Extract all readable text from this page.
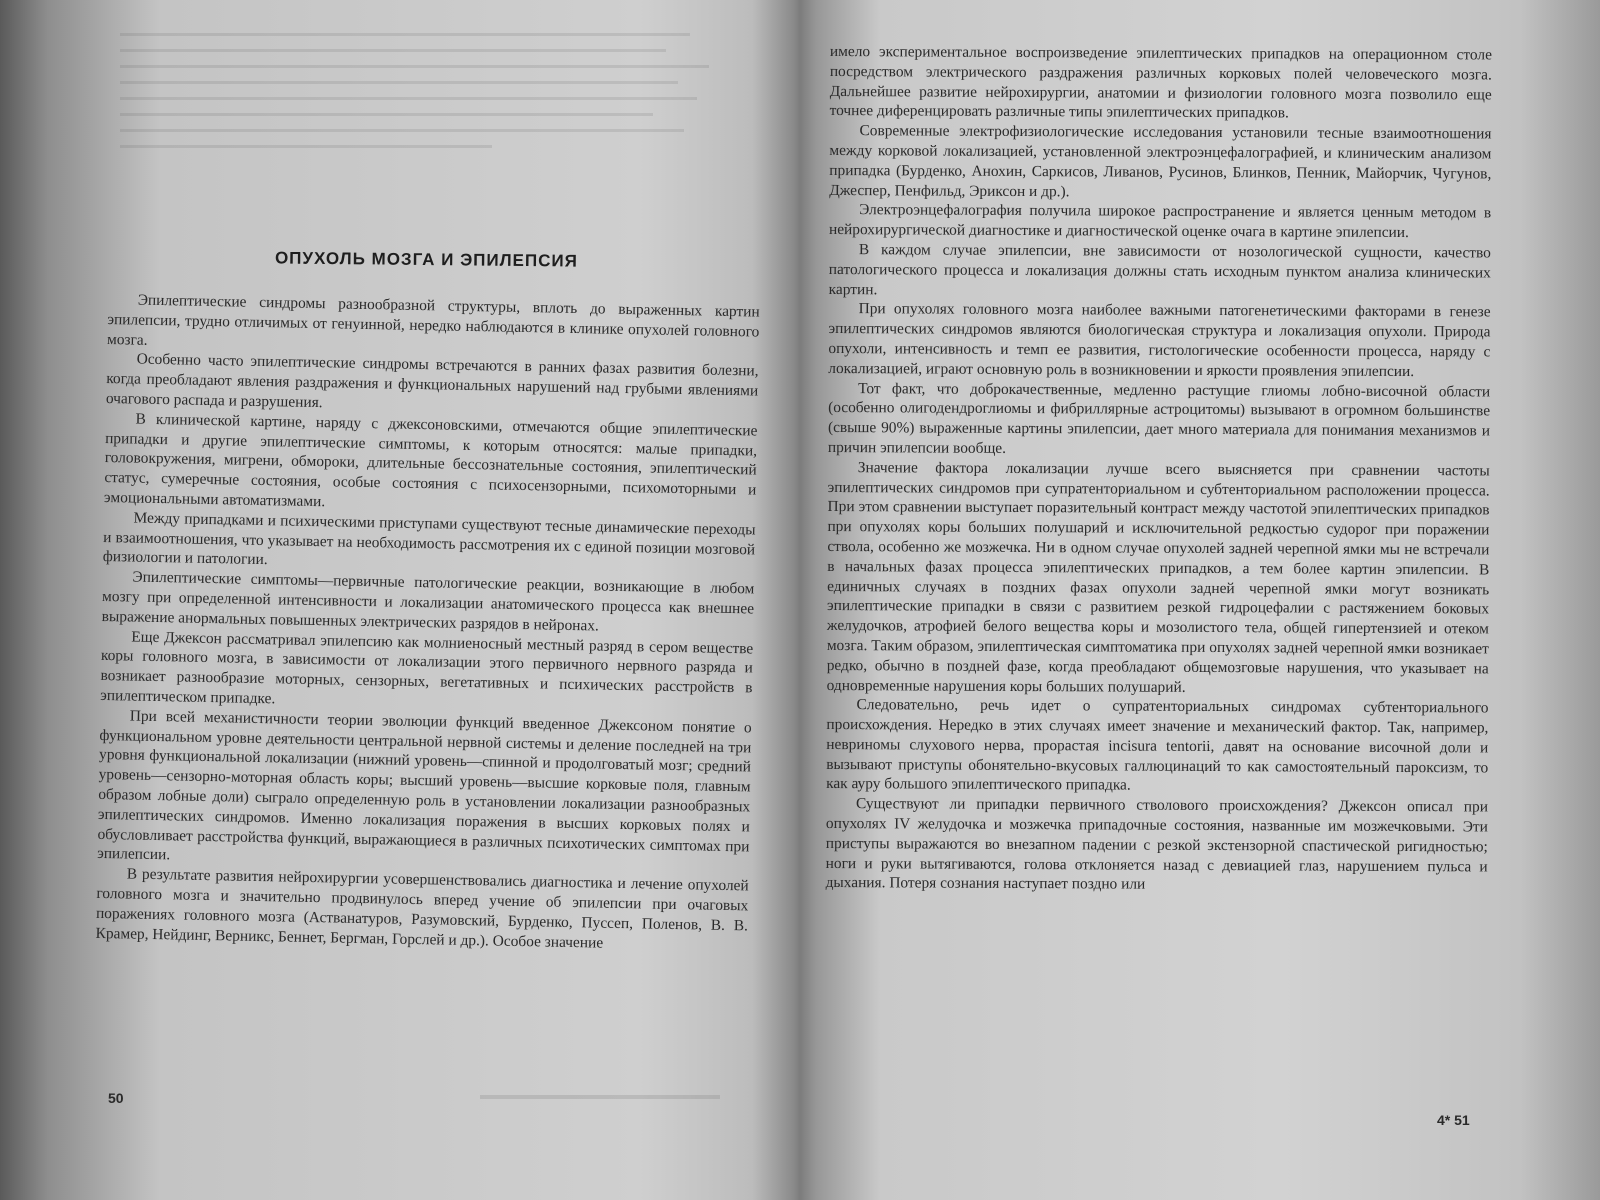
ОПУХОЛЬ МОЗГА И ЭПИЛЕПСИЯ

Эпилептические синдромы разнообразной структуры, вплоть до выраженных картин эпилепсии, трудно отличимых от генуинной, нередко наблюдаются в клинике опухолей головного мозга.

Особенно часто эпилептические синдромы встречаются в ранних фазах развития болезни, когда преобладают явления раздражения и функциональных нарушений над грубыми явлениями очагового распада и разрушения.

В клинической картине, наряду с джексоновскими, отмечаются общие эпилептические припадки и другие эпилептические симптомы, к которым относятся: малые припадки, головокружения, мигрени, обмороки, длительные бессознательные состояния, эпилептический статус, сумеречные состояния, особые состояния с психосензорными, психомоторными и эмоциональными автоматизмами.

Между припадками и психическими приступами существуют тесные динамические переходы и взаимоотношения, что указывает на необходимость рассмотрения их с единой позиции мозговой физиологии и патологии.

Эпилептические симптомы—первичные патологические реакции, возникающие в любом мозгу при определенной интенсивности и локализации анатомического процесса как внешнее выражение анормальных повышенных электрических разрядов в нейронах.

Еще Джексон рассматривал эпилепсию как молниеносный местный разряд в сером веществе коры головного мозга, в зависимости от локализации этого первичного нервного разряда и возникает разнообразие моторных, сензорных, вегетативных и психических расстройств в эпилептическом припадке.

При всей механистичности теории эволюции функций введенное Джексоном понятие о функциональном уровне деятельности центральной нервной системы и деление последней на три уровня функциональной локализации (нижний уровень—спинной и продолговатый мозг; средний уровень—сензорно-моторная область коры; высший уровень—высшие корковые поля, главным образом лобные доли) сыграло определенную роль в установлении локализации разнообразных эпилептических синдромов. Именно локализация поражения в высших корковых полях и обусловливает расстройства функций, выражающиеся в различных психотических симптомах при эпилепсии.

В результате развития нейрохирургии усовершенствовались диагностика и лечение опухолей головного мозга и значительно продвинулось вперед учение об эпилепсии при очаговых поражениях головного мозга (Астванатуров, Разумовский, Бурденко, Пуссеп, Поленов, В. В. Крамер, Нейдинг, Верникс, Беннет, Бергман, Горслей и др.). Особое значение

50

имело экспериментальное воспроизведение эпилептических припадков на операционном столе посредством электрического раздражения различных корковых полей человеческого мозга. Дальнейшее развитие нейрохирургии, анатомии и физиологии головного мозга позволило еще точнее диференцировать различные типы эпилептических припадков.

Современные электрофизиологические исследования установили тесные взаимоотношения между корковой локализацией, установленной электроэнцефалографией, и клиническим анализом припадка (Бурденко, Анохин, Саркисов, Ливанов, Русинов, Блинков, Пенник, Майорчик, Чугунов, Джеспер, Пенфильд, Эриксон и др.).

Электроэнцефалография получила широкое распространение и является ценным методом в нейрохирургической диагностике и диагностической оценке очага в картине эпилепсии.

В каждом случае эпилепсии, вне зависимости от нозологической сущности, качество патологического процесса и локализация должны стать исходным пунктом анализа клинических картин.

При опухолях головного мозга наиболее важными патогенетическими факторами в генезе эпилептических синдромов являются биологическая структура и локализация опухоли. Природа опухоли, интенсивность и темп ее развития, гистологические особенности процесса, наряду с локализацией, играют основную роль в возникновении и яркости проявления эпилепсии.

Тот факт, что доброкачественные, медленно растущие глиомы лобно-височной области (особенно олигодендроглиомы и фибриллярные астроцитомы) вызывают в огромном большинстве (свыше 90%) выраженные картины эпилепсии, дает много материала для понимания механизмов и причин эпилепсии вообще.

Значение фактора локализации лучше всего выясняется при сравнении частоты эпилептических синдромов при супратенториальном и субтенториальном расположении процесса. При этом сравнении выступает поразительный контраст между частотой эпилептических припадков при опухолях коры больших полушарий и исключительной редкостью судорог при поражении ствола, особенно же мозжечка. Ни в одном случае опухолей задней черепной ямки мы не встречали в начальных фазах процесса эпилептических припадков, а тем более картин эпилепсии. В единичных случаях в поздних фазах опухоли задней черепной ямки могут возникать эпилептические припадки в связи с развитием резкой гидроцефалии с растяжением боковых желудочков, атрофией белого вещества коры и мозолистого тела, общей гипертензией и отеком мозга. Таким образом, эпилептическая симптоматика при опухолях задней черепной ямки возникает редко, обычно в поздней фазе, когда преобладают общемозговые нарушения, что указывает на одновременные нарушения коры больших полушарий.

Следовательно, речь идет о супратенториальных синдромах субтенториального происхождения. Нередко в этих случаях имеет значение и механический фактор. Так, например, невриномы слухового нерва, прорастая incisura tentorii, давят на основание височной доли и вызывают приступы обонятельно-вкусовых галлюцинаций то как самостоятельный пароксизм, то как ауру большого эпилептического припадка.

Существуют ли припадки первичного стволового происхождения? Джексон описал при опухолях IV желудочка и мозжечка припадочные состояния, названные им мозжечковыми. Эти приступы выражаются во внезапном падении с резкой экстензорной спастической ригидностью; ноги и руки вытягиваются, голова отклоняется назад с девиацией глаз, нарушением пульса и дыхания. Потеря сознания наступает поздно или

4* 51
